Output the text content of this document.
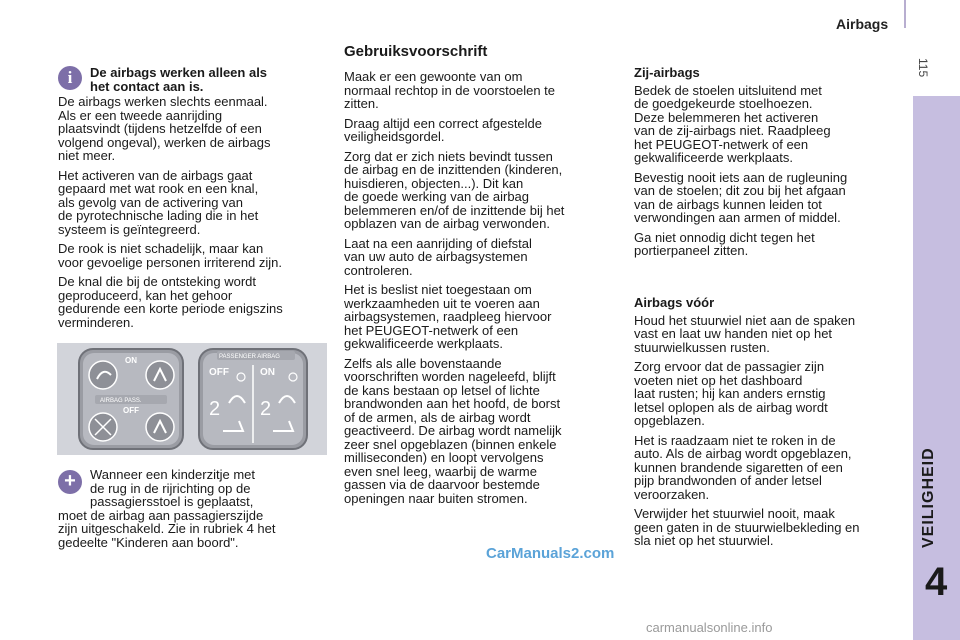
Airbags
115
VEILIGHEID
4
i	De airbags werken alleen als
het contact aan is.

De airbags werken slechts eenmaal.
Als er een tweede aanrijding
plaatsvindt (tijdens hetzelfde of een
volgend ongeval), werken de airbags
niet meer.

Het activeren van de airbags gaat
gepaard met wat rook en een knal,
als gevolg van de activering van
de pyrotechnische lading die in het
systeem is geïntegreerd.

De rook is niet schadelijk, maar kan
voor gevoelige personen irriterend zijn.

De knal die bij de ontsteking wordt
geproduceerd, kan het gehoor
gedurende een korte periode enigszins
verminderen.

ON
AIRBAG PASS.
OFF
PASSENGER AIRBAG
OFF	ON
2 2
+	Wanneer een kinderzitje met
de rug in de rijrichting op de
passagiersstoel is geplaatst,
moet de airbag aan passagierszijde
zijn uitgeschakeld. Zie in rubriek 4 het
gedeelte "Kinderen aan boord".
Gebruiksvoorschrift

Maak er een gewoonte van om
normaal rechtop in de voorstoelen te
zitten.

Draag altijd een correct afgestelde
veiligheidsgordel.

Zorg dat er zich niets bevindt tussen
de airbag en de inzittenden (kinderen,
huisdieren, objecten...). Dit kan
de goede werking van de airbag
belemmeren en/of de inzittende bij het
opblazen van de airbag verwonden.

Laat na een aanrijding of diefstal
van uw auto de airbagsystemen
controleren.

Het is beslist niet toegestaan om
werkzaamheden uit te voeren aan
airbagsystemen, raadpleeg hiervoor
het PEUGEOT-netwerk of een
gekwalificeerde werkplaats.

Zelfs als alle bovenstaande
voorschriften worden nageleefd, blijft
de kans bestaan op letsel of lichte
brandwonden aan het hoofd, de borst
of de armen, als de airbag wordt
geactiveerd. De airbag wordt namelijk
zeer snel opgeblazen (binnen enkele
milliseconden) en loopt vervolgens
even snel leeg, waarbij de warme
gassen via de daarvoor bestemde
openingen naar buiten stromen.

Zij-airbags

Bedek de stoelen uitsluitend met
de goedgekeurde stoelhoezen.
Deze belemmeren het activeren
van de zij-airbags niet. Raadpleeg
het PEUGEOT-netwerk of een
gekwalificeerde werkplaats.

Bevestig nooit iets aan de rugleuning
van de stoelen; dit zou bij het afgaan
van de airbags kunnen leiden tot
verwondingen aan armen of middel.

Ga niet onnodig dicht tegen het
portierpaneel zitten.

Airbags vóór

Houd het stuurwiel niet aan de spaken
vast en laat uw handen niet op het
stuurwielkussen rusten.

Zorg ervoor dat de passagier zijn
voeten niet op het dashboard
laat rusten; hij kan anders ernstig
letsel oplopen als de airbag wordt
opgeblazen.

Het is raadzaam niet te roken in de
auto. Als de airbag wordt opgeblazen,
kunnen brandende sigaretten of een
pijp brandwonden of ander letsel
veroorzaken.

Verwijder het stuurwiel nooit, maak
geen gaten in de stuurwielbekleding en
sla niet op het stuurwiel.

CarManuals2.com
carmanualsonline.info
